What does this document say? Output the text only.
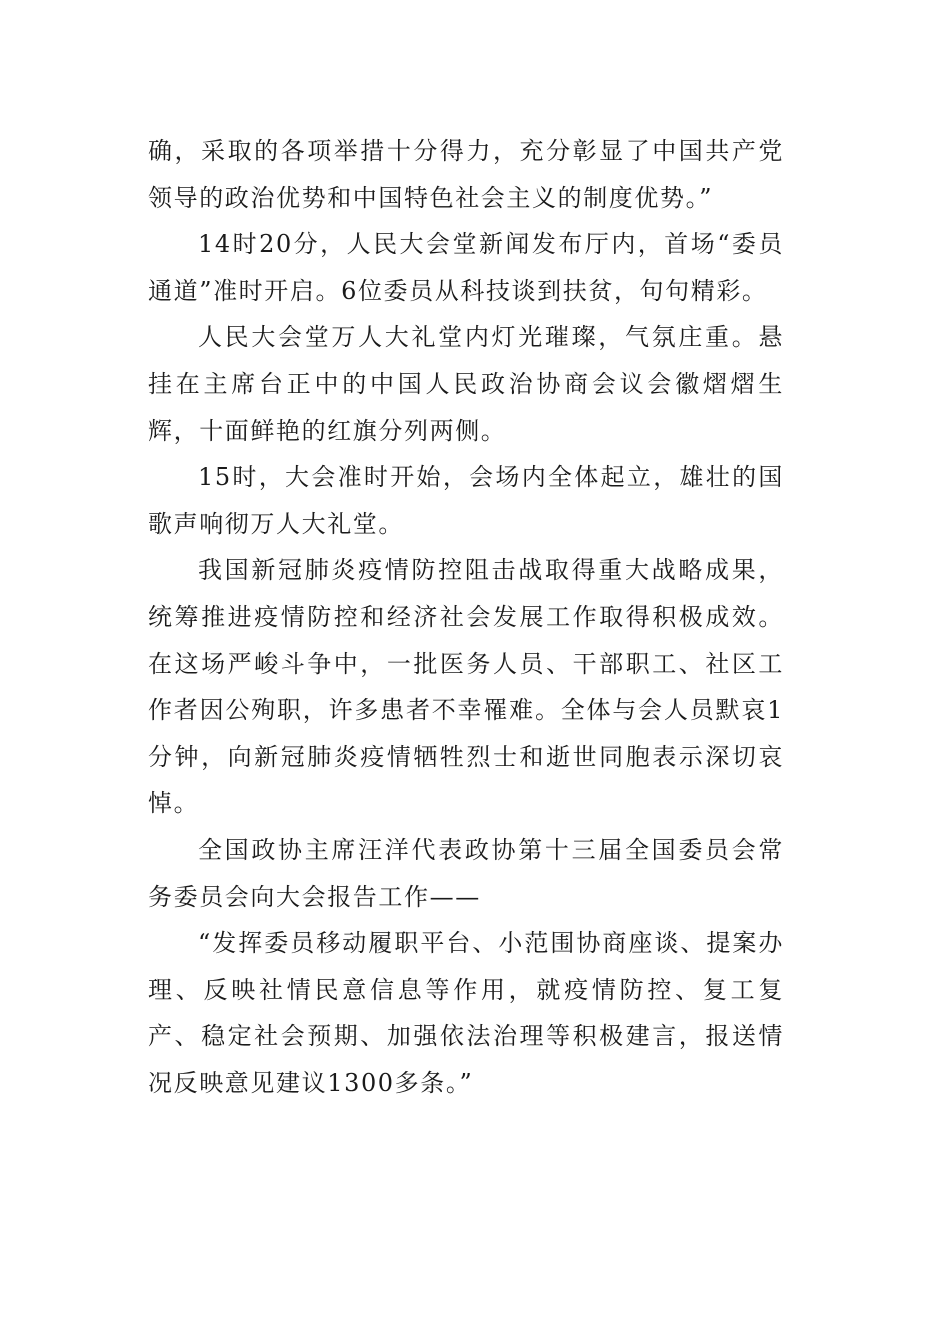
确，采取的各项举措十分得力，充分彰显了中国共产党领导的政治优势和中国特色社会主义的制度优势。”

14时20分，人民大会堂新闻发布厅内，首场“委员通道”准时开启。6位委员从科技谈到扶贫，句句精彩。

人民大会堂万人大礼堂内灯光璀璨，气氛庄重。悬挂在主席台正中的中国人民政治协商会议会徽熠熠生辉，十面鲜艳的红旗分列两侧。

15时，大会准时开始，会场内全体起立，雄壮的国歌声响彻万人大礼堂。

我国新冠肺炎疫情防控阻击战取得重大战略成果，统筹推进疫情防控和经济社会发展工作取得积极成效。在这场严峻斗争中，一批医务人员、干部职工、社区工作者因公殉职，许多患者不幸罹难。全体与会人员默哀1分钟，向新冠肺炎疫情牺牲烈士和逝世同胞表示深切哀悼。

全国政协主席汪洋代表政协第十三届全国委员会常务委员会向大会报告工作——

“发挥委员移动履职平台、小范围协商座谈、提案办理、反映社情民意信息等作用，就疫情防控、复工复产、稳定社会预期、加强依法治理等积极建言，报送情况反映意见建议1300多条。”
